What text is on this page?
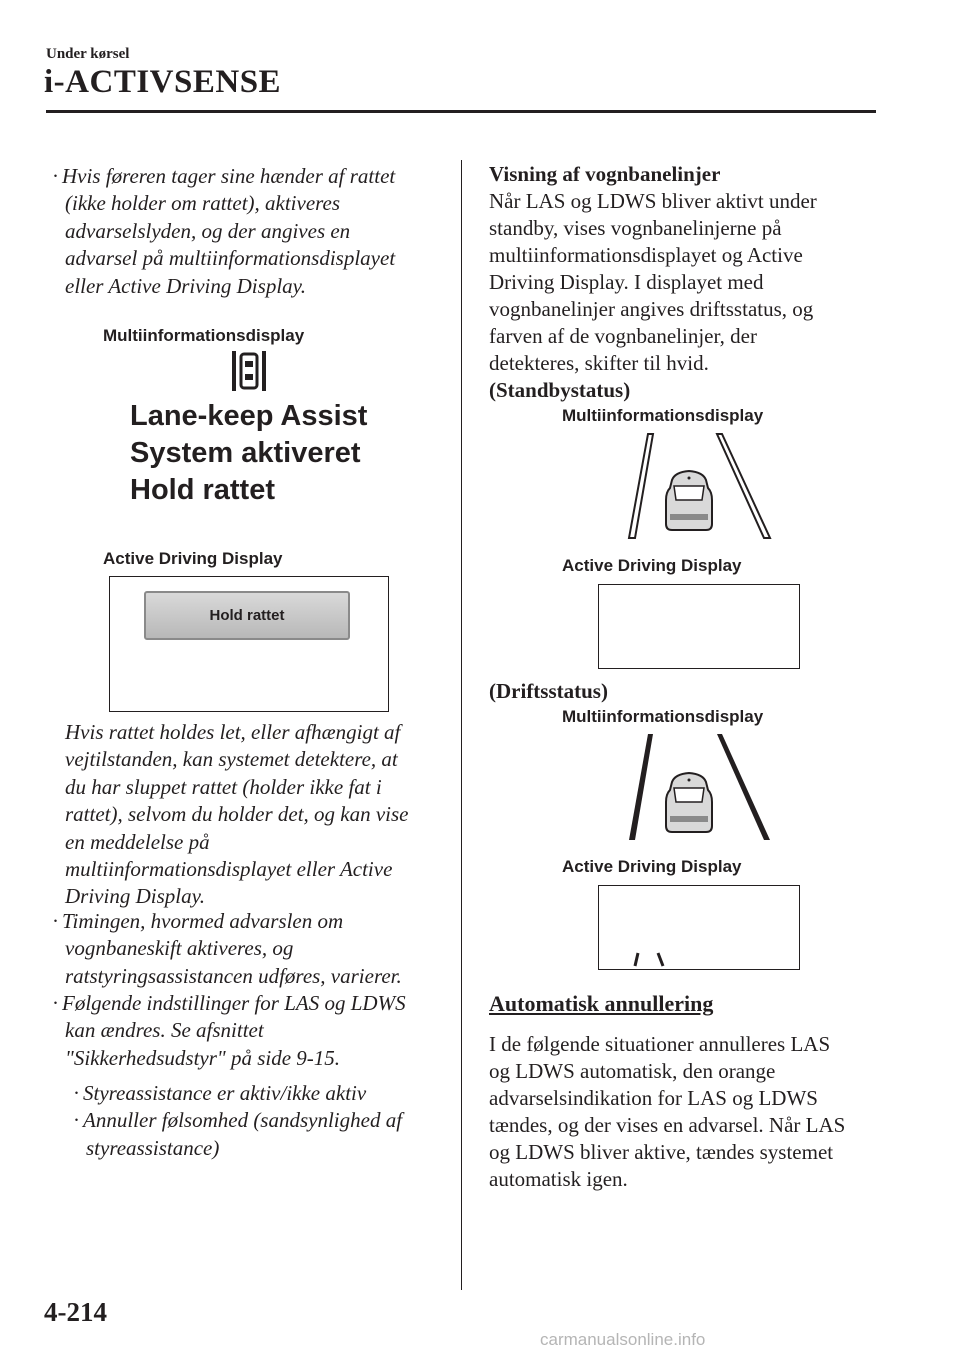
Under kørsel
i-ACTIVSENSE

· Hvis føreren tager sine hænder af rattet

(ikke holder om rattet), aktiveres

advarselslyden, og der angives en

advarsel på multiinformationsdisplayet

eller Active Driving Display.

Multiinformationsdisplay

Lane-keep Assist

System aktiveret

Hold rattet

Active Driving Display
Hold rattet

Hvis rattet holdes let, eller afhængigt af

vejtilstanden, kan systemet detektere, at

du har sluppet rattet (holder ikke fat i

rattet), selvom du holder det, og kan vise

en meddelelse på

multiinformationsdisplayet eller Active

Driving Display.

· Timingen, hvormed advarslen om

vognbaneskift aktiveres, og

ratstyringsassistancen udføres, varierer.

· Følgende indstillinger for LAS og LDWS

kan ændres. Se afsnittet

"Sikkerhedsudstyr" på side 9-15.

· Styreassistance er aktiv/ikke aktiv

· Annuller følsomhed (sandsynlighed af

styreassistance)

Visning af vognbanelinjer

Når LAS og LDWS bliver aktivt under

standby, vises vognbanelinjerne på

multiinformationsdisplayet og Active

Driving Display. I displayet med

vognbanelinjer angives driftsstatus, og

farven af de vognbanelinjer, der

detekteres, skifter til hvid.

(Standbystatus)
Multiinformationsdisplay
Active Driving Display
(Driftsstatus)
Multiinformationsdisplay
Active Driving Display
Automatisk annullering

I de følgende situationer annulleres LAS

og LDWS automatisk, den orange

advarselsindikation for LAS og LDWS

tændes, og der vises en advarsel. Når LAS

og LDWS bliver aktive, tændes systemet

automatisk igen.

4-214
carmanualsonline.info
